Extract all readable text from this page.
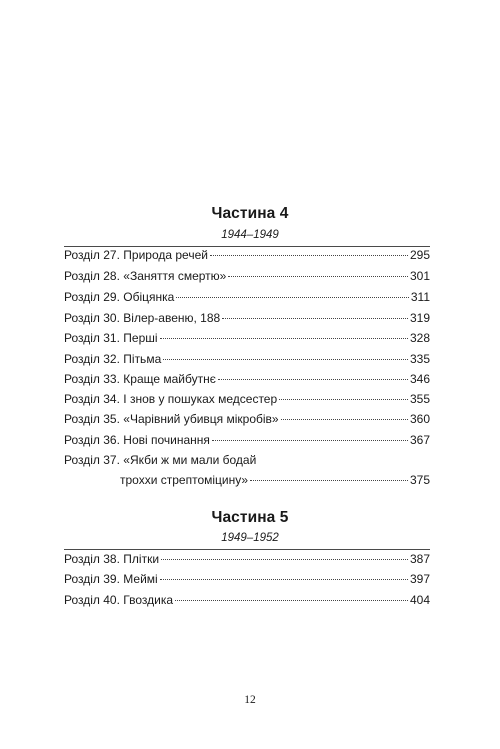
Частина 4
1944–1949
Розділ 27. Природа речей	295
Розділ 28. «Заняття смертю»	301
Розділ 29. Обіцянка	311
Розділ 30. Вілер-авеню, 188	319
Розділ 31. Перші	328
Розділ 32. Пітьма	335
Розділ 33. Краще майбутнє	346
Розділ 34. І знов у пошуках медсестер	355
Розділ 35. «Чарівний убивця мікробів»	360
Розділ 36. Нові починання	367
Розділ 37. «Якби ж ми мали бодай
троххи стрептоміцину»	375
Частина 5
1949–1952
Розділ 38. Плітки	387
Розділ 39. Меймі	397
Розділ 40. Гвоздика	404
12
